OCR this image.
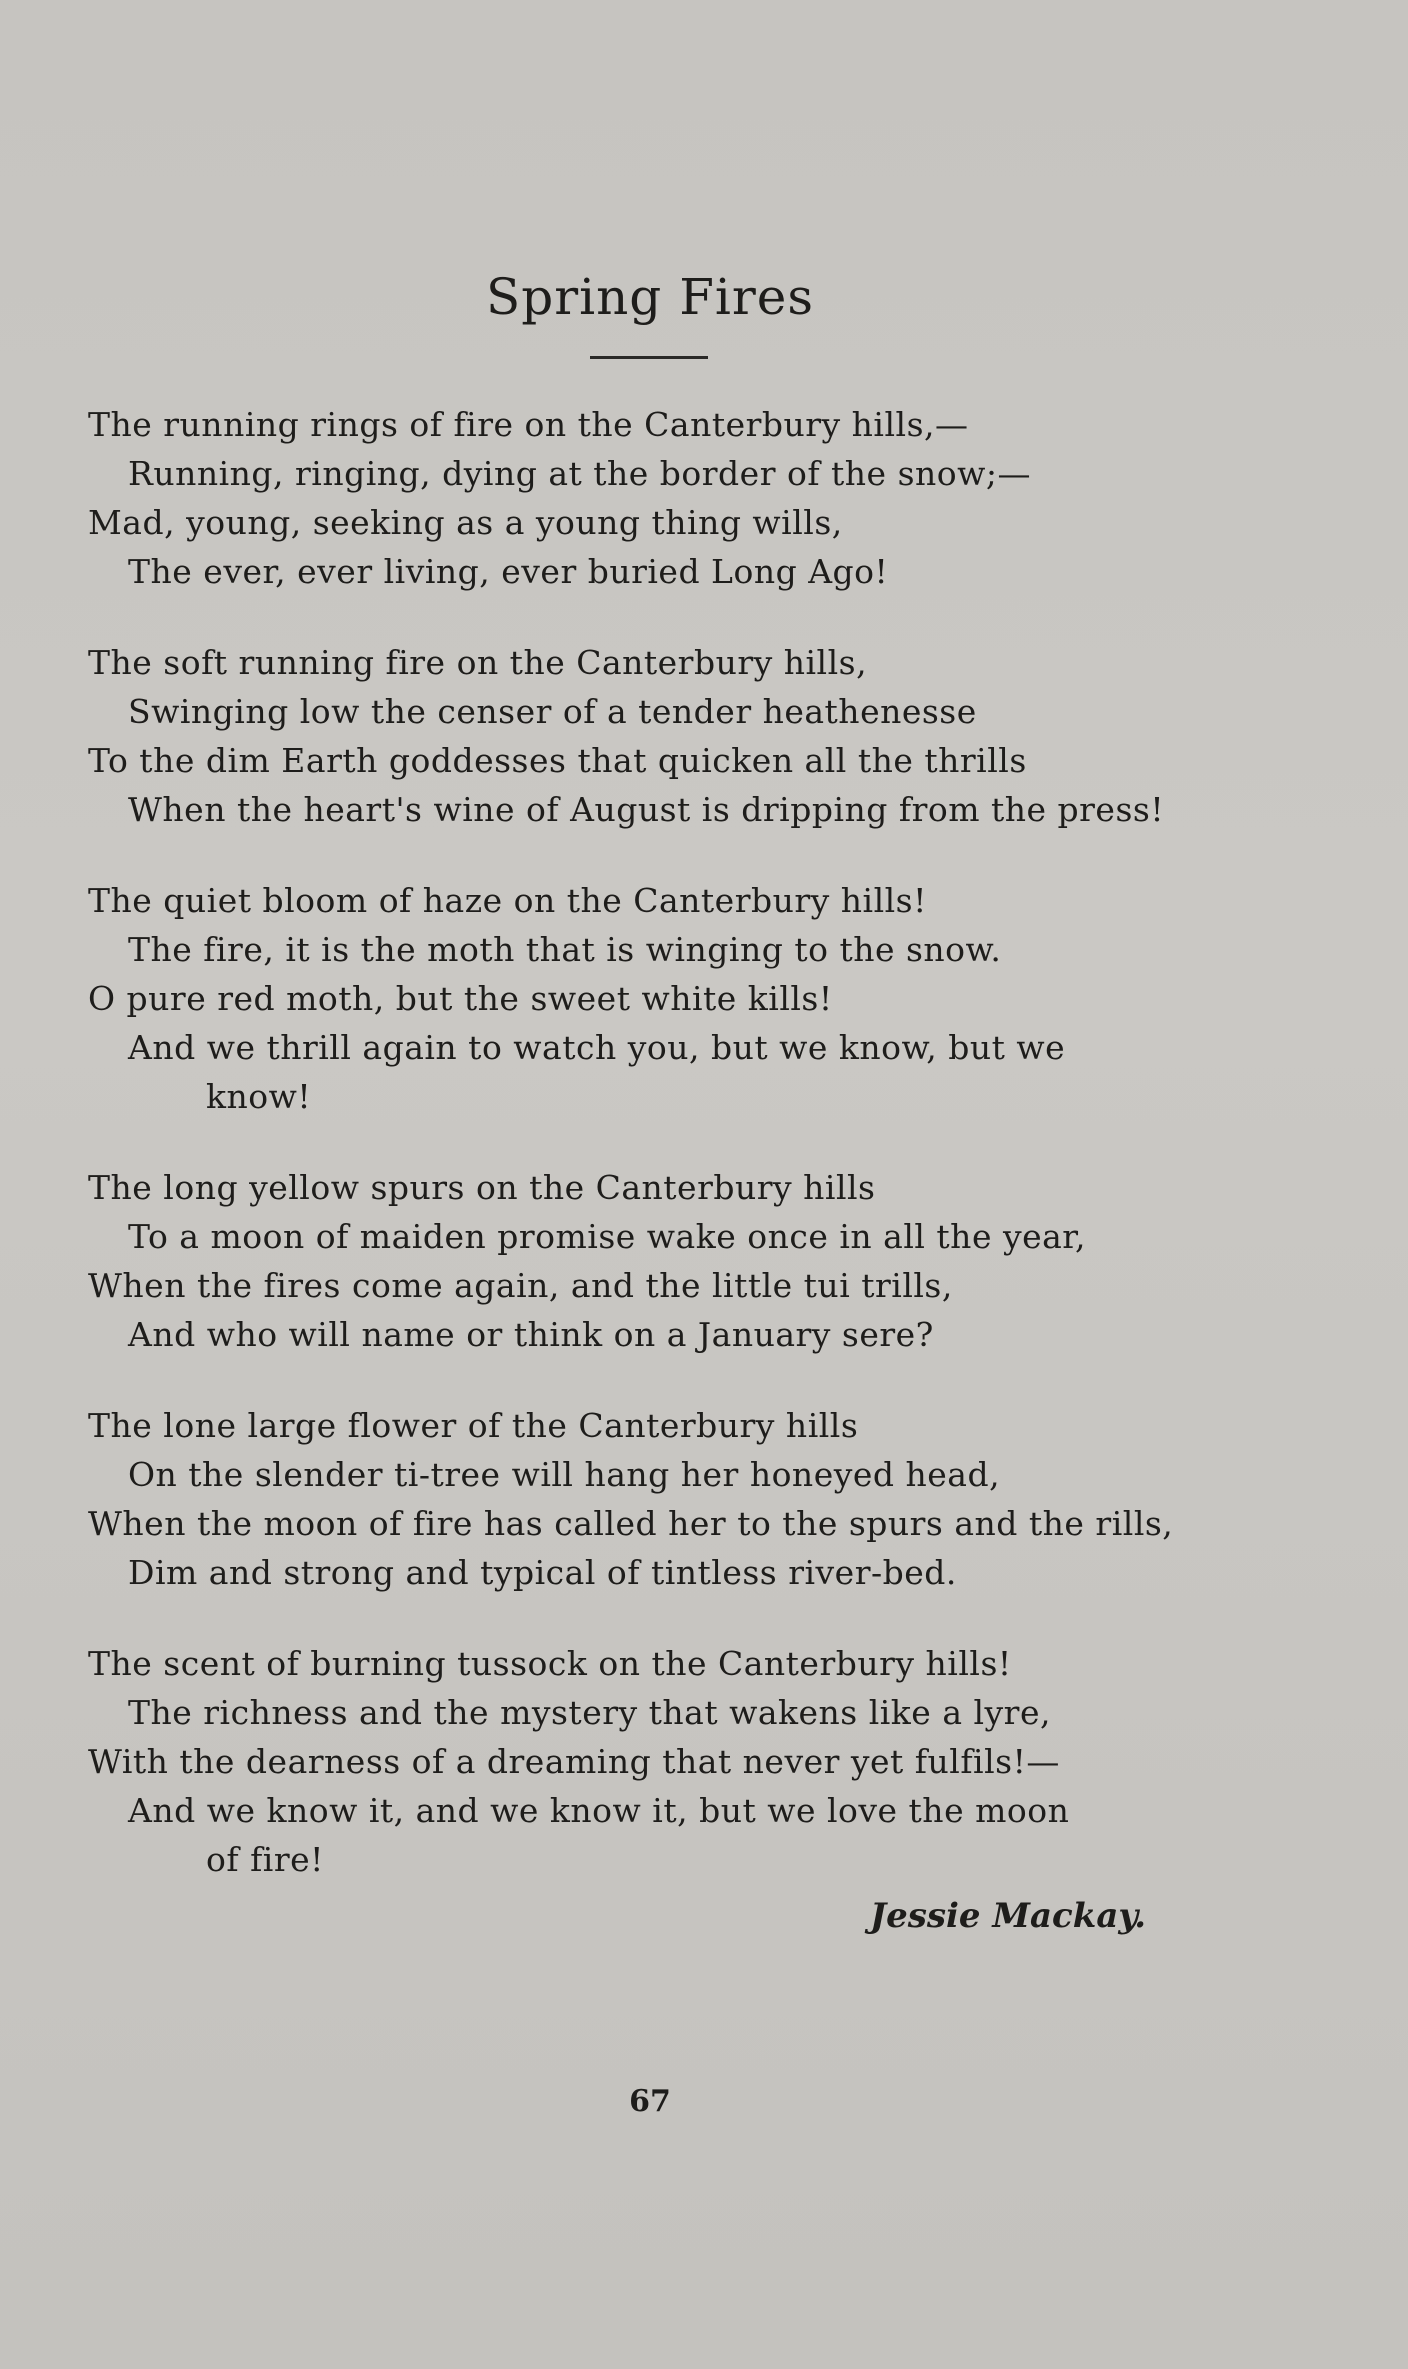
Spring Fires
The running rings of fire on the Canterbury hills,—
Running, ringing, dying at the border of the snow;—
Mad, young, seeking as a young thing wills,
The ever, ever living, ever buried Long Ago!
The soft running fire on the Canterbury hills,
Swinging low the censer of a tender heathenesse
To the dim Earth goddesses that quicken all the thrills
When the heart's wine of August is dripping from the press!
The quiet bloom of haze on the Canterbury hills!
The fire, it is the moth that is winging to the snow.
O pure red moth, but the sweet white kills!
And we thrill again to watch you, but we know, but we
know!
The long yellow spurs on the Canterbury hills
To a moon of maiden promise wake once in all the year,
When the fires come again, and the little tui trills,
And who will name or think on a January sere?
The lone large flower of the Canterbury hills
On the slender ti-tree will hang her honeyed head,
When the moon of fire has called her to the spurs and the rills,
Dim and strong and typical of tintless river-bed.
The scent of burning tussock on the Canterbury hills!
The richness and the mystery that wakens like a lyre,
With the dearness of a dreaming that never yet fulfils!—
And we know it, and we know it, but we love the moon
of fire!
Jessie Mackay.
67
